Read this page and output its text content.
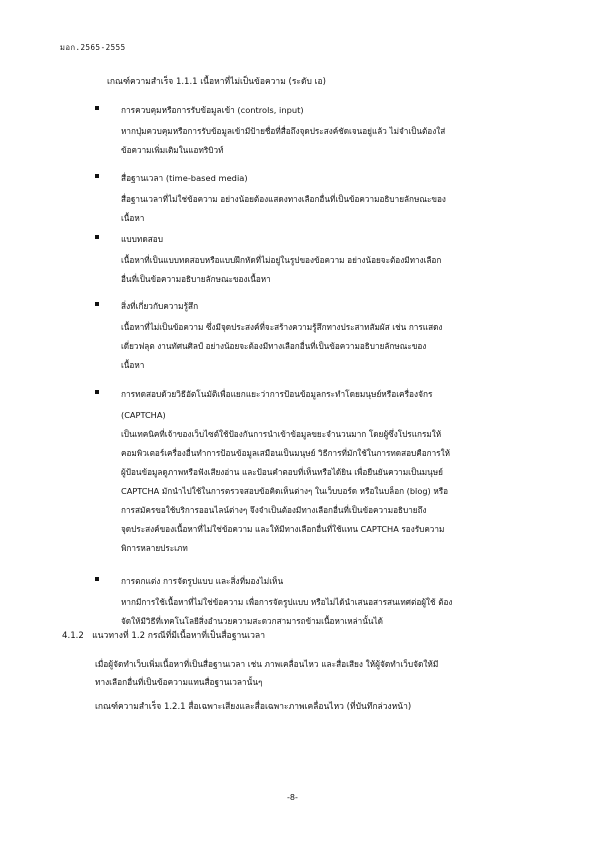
มอก.2565-2555
เกณฑ์ความสำเร็จ 1.1.1 เนื้อหาที่ไม่เป็นข้อความ (ระดับ เอ)
การควบคุมหรือการรับข้อมูลเข้า (controls, input)
หากปุ่มควบคุมหรือการรับข้อมูลเข้ามีป้ายชื่อที่สื่อถึงจุดประสงค์ชัดเจนอยู่แล้ว ไม่จำเป็นต้องใส่
ข้อความเพิ่มเติมในแอทริบิวท์
สื่อฐานเวลา (time-based media)
สื่อฐานเวลาที่ไม่ใช่ข้อความ อย่างน้อยต้องแสดงทางเลือกอื่นที่เป็นข้อความอธิบายลักษณะของ
เนื้อหา
แบบทดสอบ
เนื้อหาที่เป็นแบบทดสอบหรือแบบฝึกหัดที่ไม่อยู่ในรูปของข้อความ อย่างน้อยจะต้องมีทางเลือก
อื่นที่เป็นข้อความอธิบายลักษณะของเนื้อหา
สิ่งที่เกี่ยวกับความรู้สึก
เนื้อหาที่ไม่เป็นข้อความ ซึ่งมีจุดประสงค์ที่จะสร้างความรู้สึกทางประสาทสัมผัส เช่น การแสดง
เดี่ยวฟลุต งานทัศนศิลป์ อย่างน้อยจะต้องมีทางเลือกอื่นที่เป็นข้อความอธิบายลักษณะของ
เนื้อหา
การทดสอบด้วยวิธีอัตโนมัติเพื่อแยกแยะว่าการป้อนข้อมูลกระทำโดยมนุษย์หรือเครื่องจักร
(CAPTCHA)
เป็นเทคนิคที่เจ้าของเว็บไซต์ใช้ป้องกันการนำเข้าข้อมูลขยะจำนวนมาก โดยผู้ซึ่งโปรแกรมให้
คอมพิวเตอร์เครื่องอื่นทำการป้อนข้อมูลเสมือนเป็นมนุษย์ วิธีการที่มักใช้ในการทดสอบคือการให้
ผู้ป้อนข้อมูลดูภาพหรือฟังเสียงอ่าน และป้อนคำตอบที่เห็นหรือได้ยิน เพื่อยืนยันความเป็นมนุษย์
CAPTCHA มักนำไปใช้ในการตรวจสอบข้อคิดเห็นต่างๆ ในเว็บบอร์ด หรือในบล็อก (blog) หรือ
การสมัครขอใช้บริการออนไลน์ต่างๆ จึงจำเป็นต้องมีทางเลือกอื่นที่เป็นข้อความอธิบายถึง
จุดประสงค์ของเนื้อหาที่ไม่ใช่ข้อความ และให้มีทางเลือกอื่นที่ใช้แทน CAPTCHA รองรับความ
พิการหลายประเภท
การตกแต่ง การจัดรูปแบบ และสิ่งที่มองไม่เห็น
หากมีการใช้เนื้อหาที่ไม่ใช่ข้อความ เพื่อการจัดรูปแบบ หรือไม่ได้นำเสนอสารสนเทศต่อผู้ใช้ ต้อง
จัดให้มีวิธีที่เทคโนโลยีสิ่งอำนวยความสะดวกสามารถข้ามเนื้อหาเหล่านั้นได้
4.1.2 แนวทางที่ 1.2 กรณีที่มีเนื้อหาที่เป็นสื่อฐานเวลา
เมื่อผู้จัดทำเว็บเพิ่มเนื้อหาที่เป็นสื่อฐานเวลา เช่น ภาพเคลื่อนไหว และสื่อเสียง ให้ผู้จัดทำเว็บจัดให้มี
ทางเลือกอื่นที่เป็นข้อความแทนสื่อฐานเวลานั้นๆ
เกณฑ์ความสำเร็จ 1.2.1 สื่อเฉพาะเสียงและสื่อเฉพาะภาพเคลื่อนไหว (ที่บันทึกล่วงหน้า)
-8-
